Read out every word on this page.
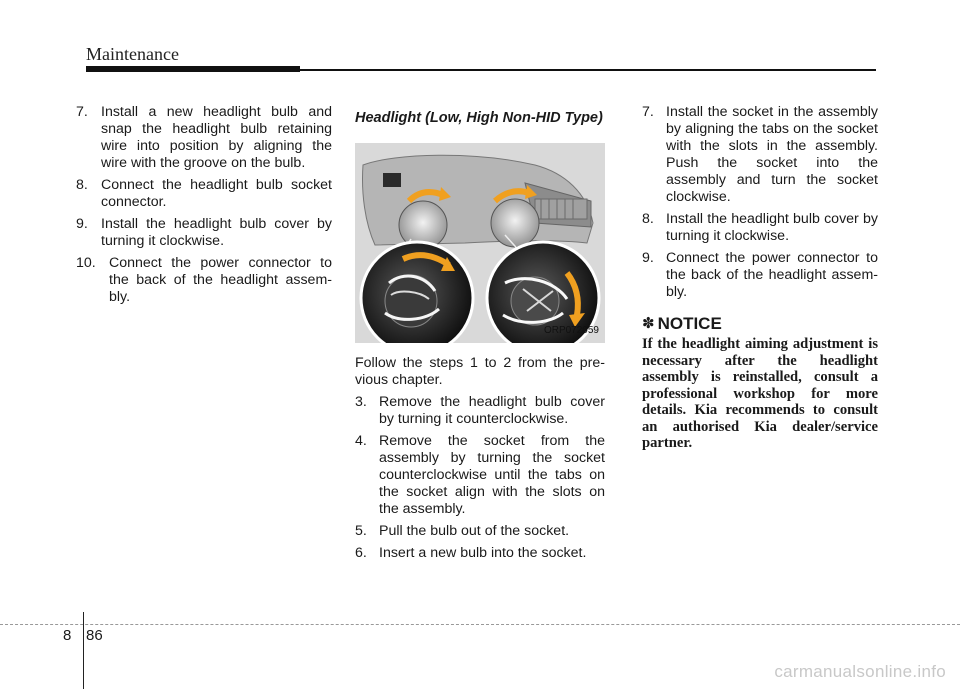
Maintenance
7. Install a new headlight bulb and snap the headlight bulb retaining wire into position by aligning the wire with the groove on the bulb.
8. Connect the headlight bulb socket connector.
9. Install the headlight bulb cover by turning it clockwise.
10. Connect the power connector to the back of the headlight assem- bly.
Headlight (Low, High Non-HID Type)
ORP072059
Follow the steps 1 to 2 from the pre- vious chapter.
3. Remove the headlight bulb cover by turning it counterclockwise.
4. Remove the socket from the assembly by turning the socket counterclockwise until the tabs on the socket align with the slots on the assembly.
5. Pull the bulb out of the socket.
6. Insert a new bulb into the socket.
7. Install the socket in the assembly by aligning the tabs on the socket with the slots in the assembly. Push the socket into the assembly and turn the socket clockwise.
8. Install the headlight bulb cover by turning it clockwise.
9. Connect the power connector to the back of the headlight assem- bly.
✽ NOTICE
If the headlight aiming adjustment is necessary after the headlight assembly is reinstalled, consult a professional workshop for more details. Kia recommends to consult an authorised Kia dealer/service partner.
8 86
carmanualsonline.info
